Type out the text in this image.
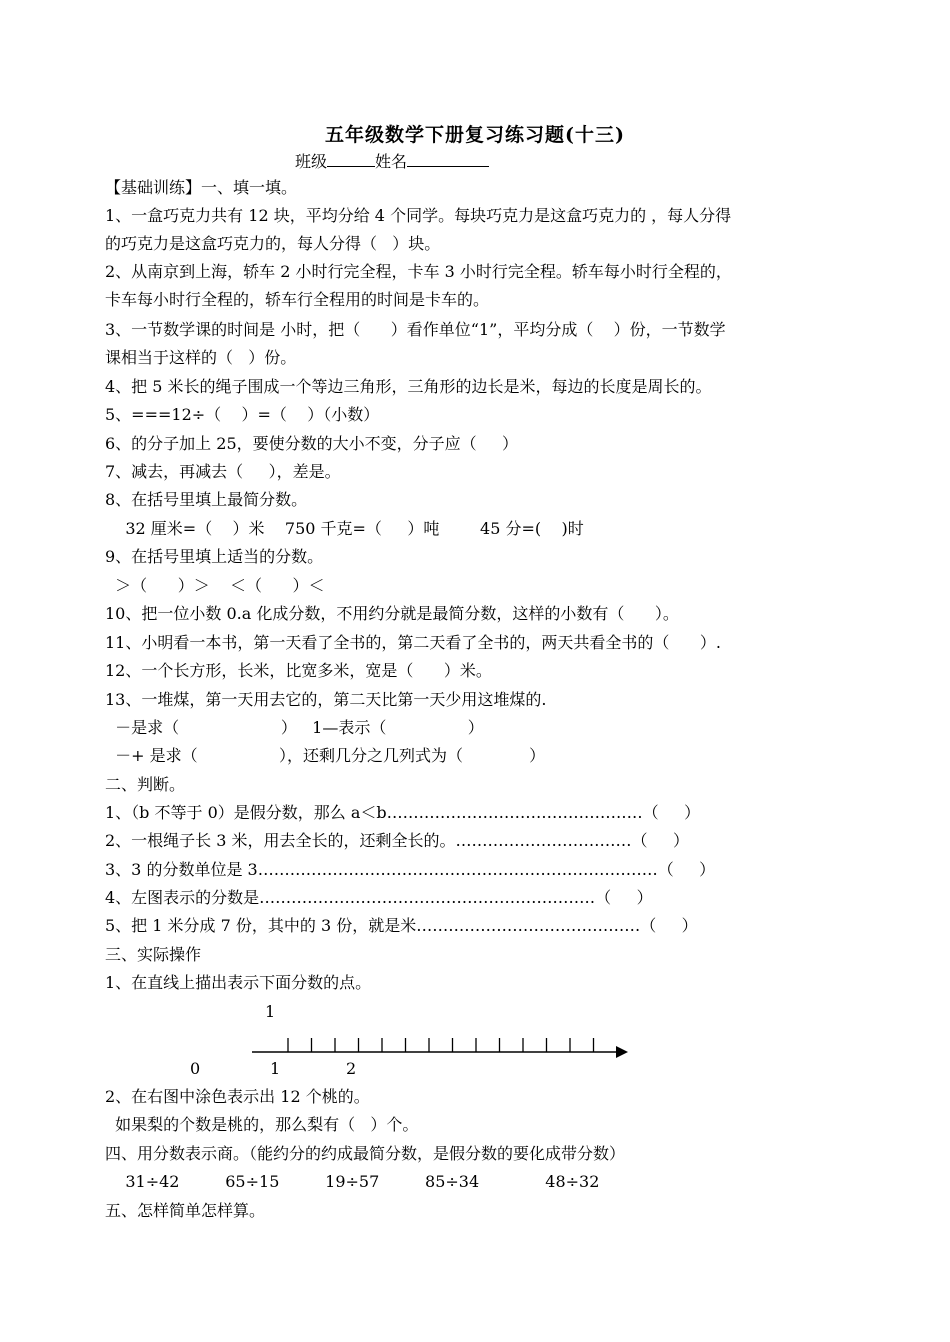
五年级数学下册复习练习题(十三)
班级	姓名
【基础训练】一、填一填。
1、一盒巧克力共有 12 块，平均分给 4 个同学。每块巧克力是这盒巧克力的 ，每人分得
的巧克力是这盒巧克力的，每人分得（   ）块。
2、从南京到上海，轿车 2 小时行完全程，卡车 3 小时行完全程。轿车每小时行全程的，
卡车每小时行全程的，轿车行全程用的时间是卡车的。
3、一节数学课的时间是 小时，把（      ）看作单位“1”，平均分成（    ）份，一节数学
课相当于这样的（   ）份。
4、把 5 米长的绳子围成一个等边三角形，三角形的边长是米，每边的长度是周长的。
5、===12÷（    ）=（    ）（小数）
6、的分子加上 25，要使分数的大小不变，分子应（     ）
7、减去，再减去（     ），差是。
8、在括号里填上最简分数。
32 厘米=（    ）米    750 千克=（     ）吨        45 分=(    )时
9、在括号里填上适当的分数。
＞（      ）＞    ＜（      ）＜
10、把一位小数 0.a 化成分数，不用约分就是最简分数，这样的小数有（      ）。
11、小明看一本书，第一天看了全书的，第二天看了全书的，两天共看全书的（      ）.
12、一个长方形，长米，比宽多米，宽是（      ）米。
13、一堆煤，第一天用去它的，第二天比第一天少用这堆煤的.
－是求（                    ）   1—表示（                ）
－+ 是求（                ），还剩几分之几列式为（             ）
二、判断。
1、（b 不等于 0）是假分数，那么 a＜b…………………………………………（     ）
2、一根绳子长 3 米，用去全长的，还剩全长的。……………………………（     ）
3、3 的分数单位是 3…………………………………………………………………（     ）
4、左图表示的分数是………………………………………………………（     ）
5、把 1 米分成 7 份，其中的 3 份，就是米……………………………………（     ）
三、实际操作
1、在直线上描出表示下面分数的点。
1
0	1	2
2、在右图中涂色表示出 12 个桃的。
如果梨的个数是桃的，那么梨有（   ）个。
四、用分数表示商。（能约分的约成最简分数，是假分数的要化成带分数）
31÷42         65÷15         19÷57         85÷34             48÷32
五、怎样简单怎样算。
